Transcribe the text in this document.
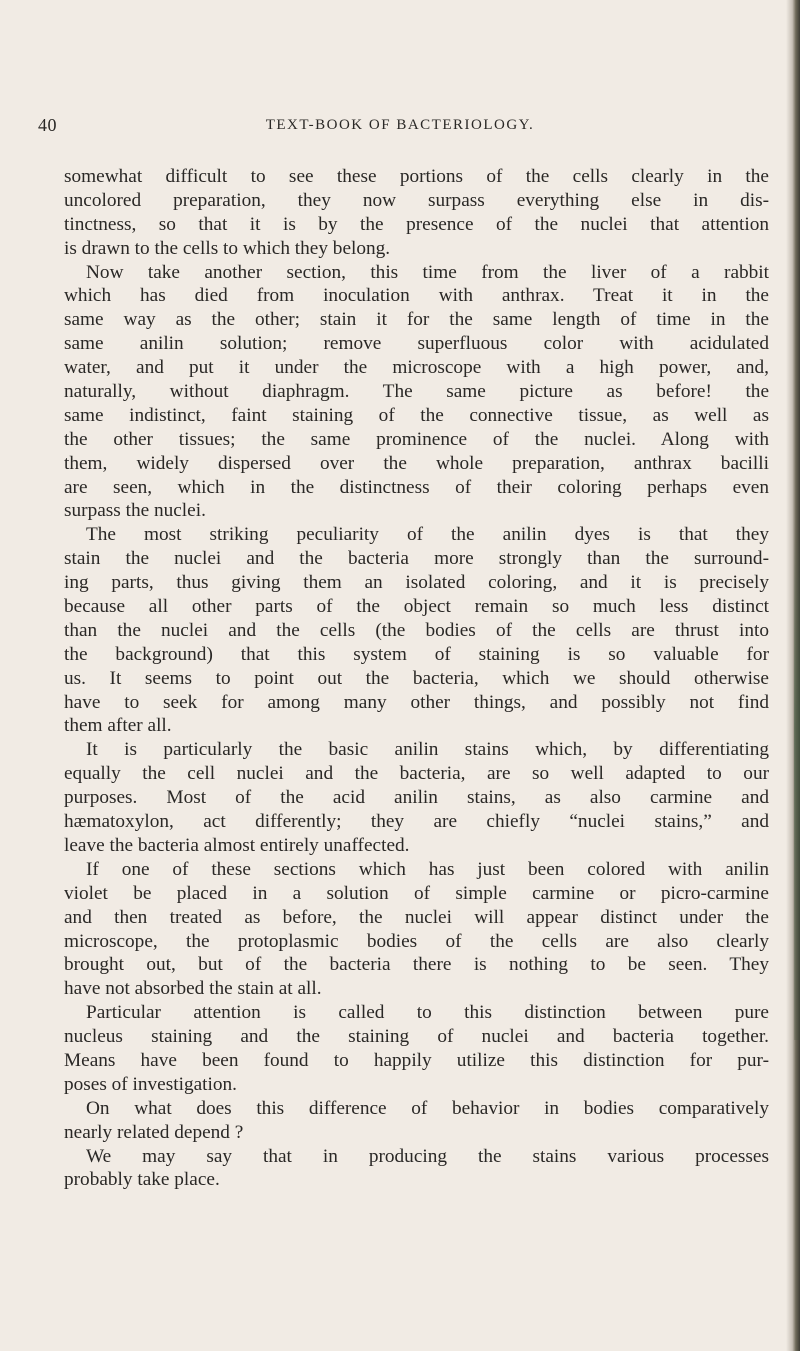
40	TEXT-BOOK OF BACTERIOLOGY.
somewhat difficult to see these portions of the cells clearly in the
uncolored preparation, they now surpass everything else in dis-
tinctness, so that it is by the presence of the nuclei that attention
is drawn to the cells to which they belong.
Now take another section, this time from the liver of a rabbit
which has died from inoculation with anthrax. Treat it in the
same way as the other; stain it for the same length of time in the
same anilin solution; remove superfluous color with acidulated
water, and put it under the microscope with a high power, and,
naturally, without diaphragm. The same picture as before! the
same indistinct, faint staining of the connective tissue, as well as
the other tissues; the same prominence of the nuclei. Along with
them, widely dispersed over the whole preparation, anthrax bacilli
are seen, which in the distinctness of their coloring perhaps even
surpass the nuclei.
The most striking peculiarity of the anilin dyes is that they
stain the nuclei and the bacteria more strongly than the surround-
ing parts, thus giving them an isolated coloring, and it is precisely
because all other parts of the object remain so much less distinct
than the nuclei and the cells (the bodies of the cells are thrust into
the background) that this system of staining is so valuable for
us. It seems to point out the bacteria, which we should otherwise
have to seek for among many other things, and possibly not find
them after all.
It is particularly the basic anilin stains which, by differentiating
equally the cell nuclei and the bacteria, are so well adapted to our
purposes. Most of the acid anilin stains, as also carmine and
hæmatoxylon, act differently; they are chiefly “nuclei stains,” and
leave the bacteria almost entirely unaffected.
If one of these sections which has just been colored with anilin
violet be placed in a solution of simple carmine or picro-carmine
and then treated as before, the nuclei will appear distinct under the
microscope, the protoplasmic bodies of the cells are also clearly
brought out, but of the bacteria there is nothing to be seen. They
have not absorbed the stain at all.
Particular attention is called to this distinction between pure
nucleus staining and the staining of nuclei and bacteria together.
Means have been found to happily utilize this distinction for pur-
poses of investigation.
On what does this difference of behavior in bodies comparatively
nearly related depend ?
We may say that in producing the stains various processes
probably take place.
